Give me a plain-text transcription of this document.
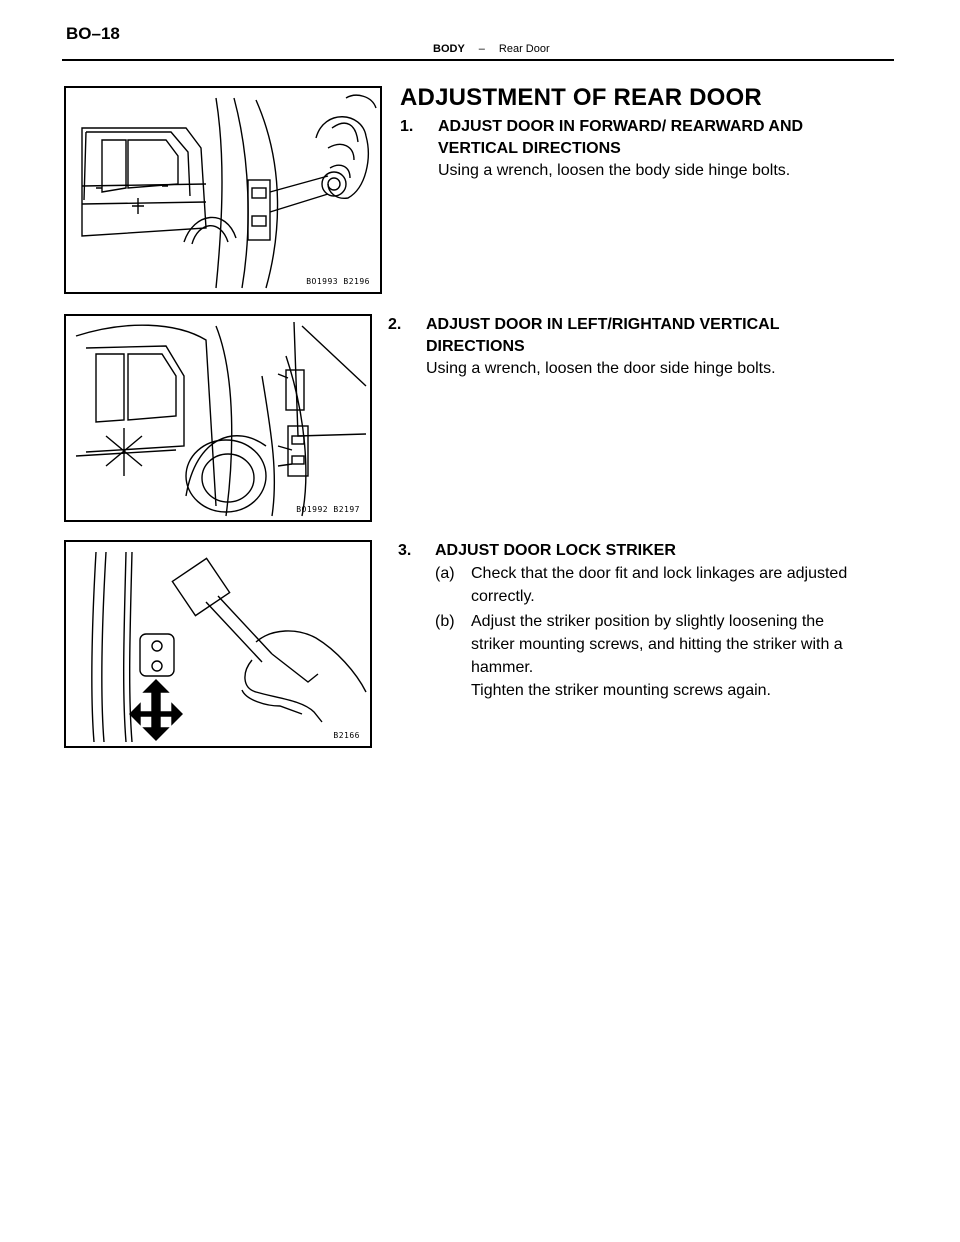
BO–18
BODY – Rear Door
ADJUSTMENT OF REAR DOOR
BO1993 B2196
1. ADJUST DOOR IN FORWARD/ REARWARD AND
VERTICAL DIRECTIONS
Using a wrench, loosen the body side hinge bolts.
BO1992 B2197
2. ADJUST DOOR IN LEFT/RIGHTAND VERTICAL
DIRECTIONS
Using a wrench, loosen the door side hinge bolts.
B2166
3. ADJUST DOOR LOCK STRIKER
(a) Check that the door fit and lock linkages are adjusted
correctly.
(b) Adjust the striker position by slightly loosening the
striker mounting screws, and hitting the striker with a
hammer.
Tighten the striker mounting screws again.
